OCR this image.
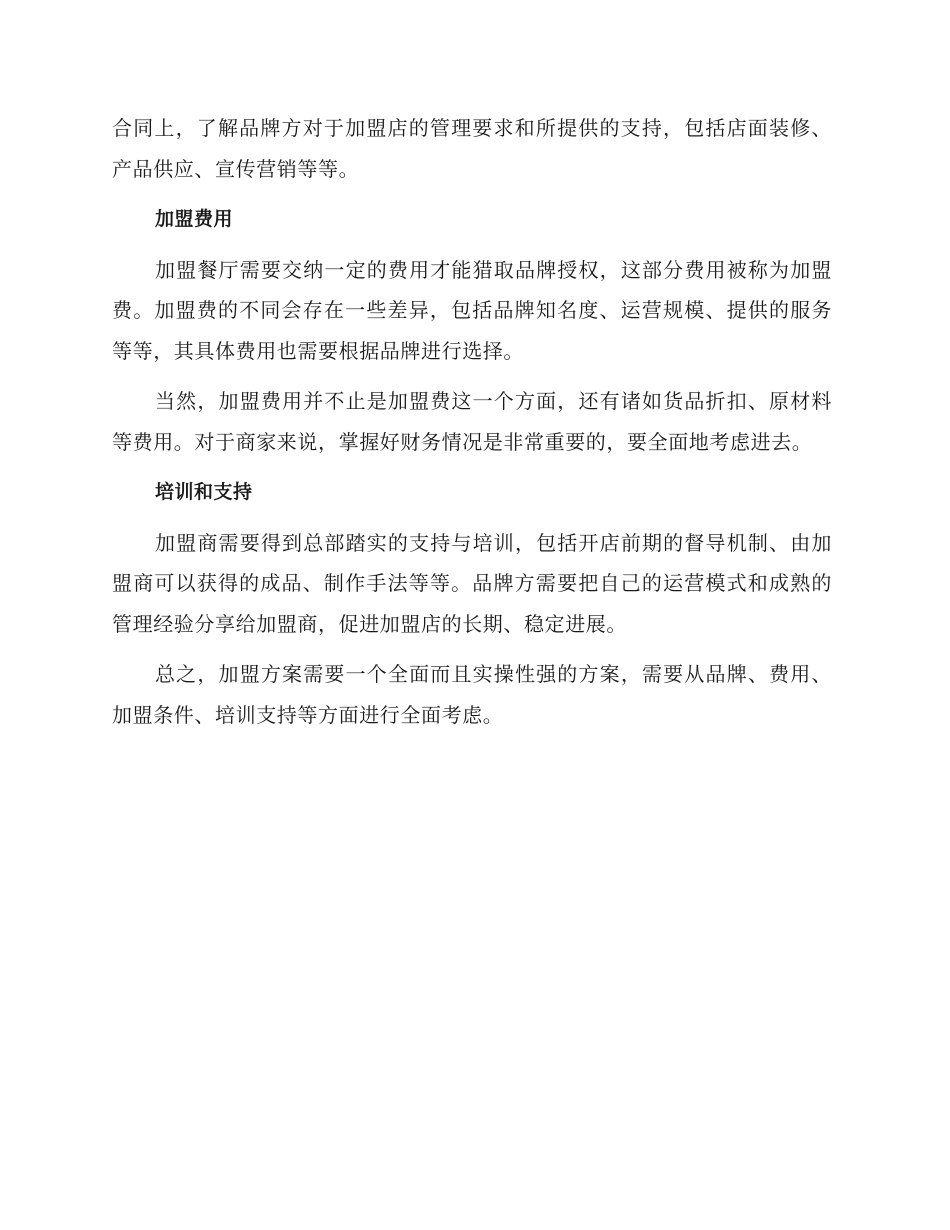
合同上，了解品牌方对于加盟店的管理要求和所提供的支持，包括店面装修、产品供应、宣传营销等等。

加盟费用

加盟餐厅需要交纳一定的费用才能猎取品牌授权，这部分费用被称为加盟费。加盟费的不同会存在一些差异，包括品牌知名度、运营规模、提供的服务等等，其具体费用也需要根据品牌进行选择。

当然，加盟费用并不止是加盟费这一个方面，还有诸如货品折扣、原材料等费用。对于商家来说，掌握好财务情况是非常重要的，要全面地考虑进去。

培训和支持

加盟商需要得到总部踏实的支持与培训，包括开店前期的督导机制、由加盟商可以获得的成品、制作手法等等。品牌方需要把自己的运营模式和成熟的管理经验分享给加盟商，促进加盟店的长期、稳定进展。

总之，加盟方案需要一个全面而且实操性强的方案，需要从品牌、费用、加盟条件、培训支持等方面进行全面考虑。
